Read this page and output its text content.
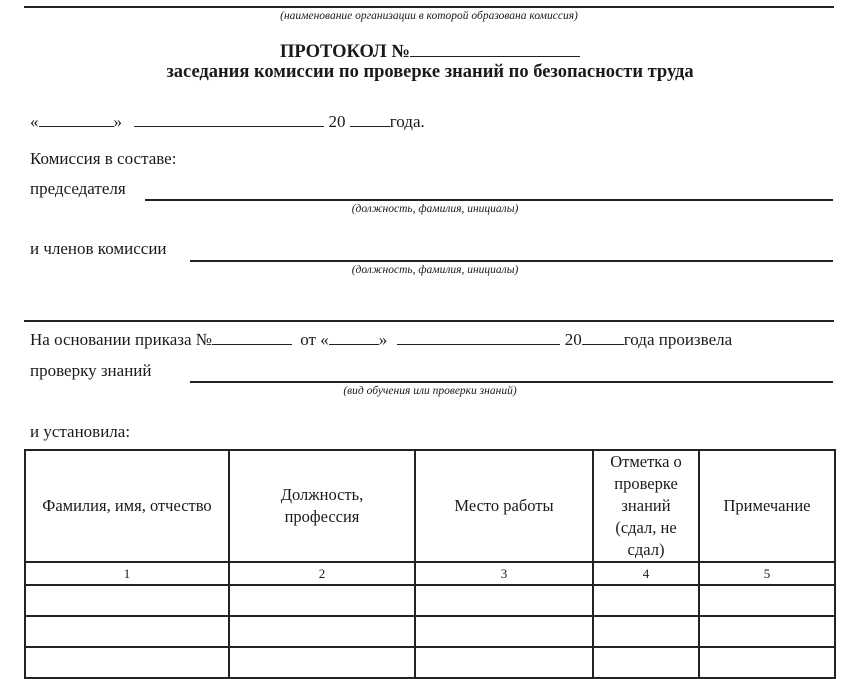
(наименование организации в которой образована комиссия)
ПРОТОКОЛ №
заседания комиссии по проверке знаний по безопасности труда
«	»	20	года.
Комиссия в составе:
председателя
(должность, фамилия, инициалы)
и членов комиссии
(должность, фамилия, инициалы)
На основании приказа №	от «	»	20 года произвела
проверку знаний
(вид обучения или проверки знаний)
и установила:
Фамилия, имя, отчество	Должность, профессия	Место работы	Отметка о проверке знаний (сдал, не сдал)	Примечание
1	2	3	4	5
